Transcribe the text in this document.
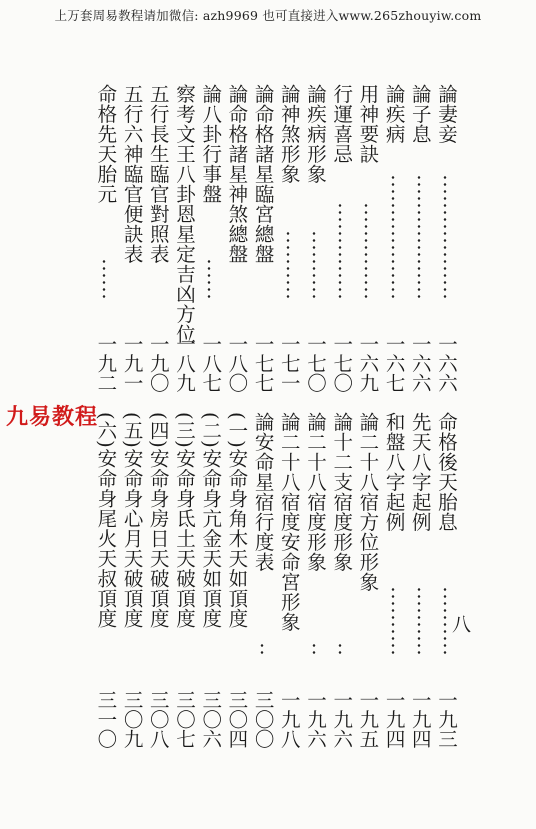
上万套周易教程请加微信: azh9969 也可直接进入www.265zhouyiw.com
論妻妾
一六六
論子息
一六六
論疾病
一六七
用神要訣
一六九
行運喜忌
一七〇
論疾病形象
一七〇
論神煞形象
一七一
論命格諸星臨宮總盤
一七七
論命格諸星神煞總盤
一八〇
論八卦行事盤
一八七
察考文王八卦恩星定吉凶方位
一八九
五行長生臨官對照表
一九〇
五行六神臨官便訣表
一九一
命格先天胎元
一九二
命格後天胎息
一九三
先天八字起例
一九四
和盤八字起例
一九四
論二十八宿方位形象
一九五
論十二支宿度形象
一九六
論二十八宿度形象
一九六
論二十八宿度安命宮形象
一九八
論安命星宿行度表
三〇〇
(一)安命身角木天如頂度
三〇四
(二)安命身亢金天如頂度
三〇六
(三)安命身氐土天破頂度
三〇七
(四)安命身房日天破頂度
三〇八
(五)安命身心月天破頂度
三〇九
(六)安命身尾火天叔頂度
三一〇
九易教程
八
